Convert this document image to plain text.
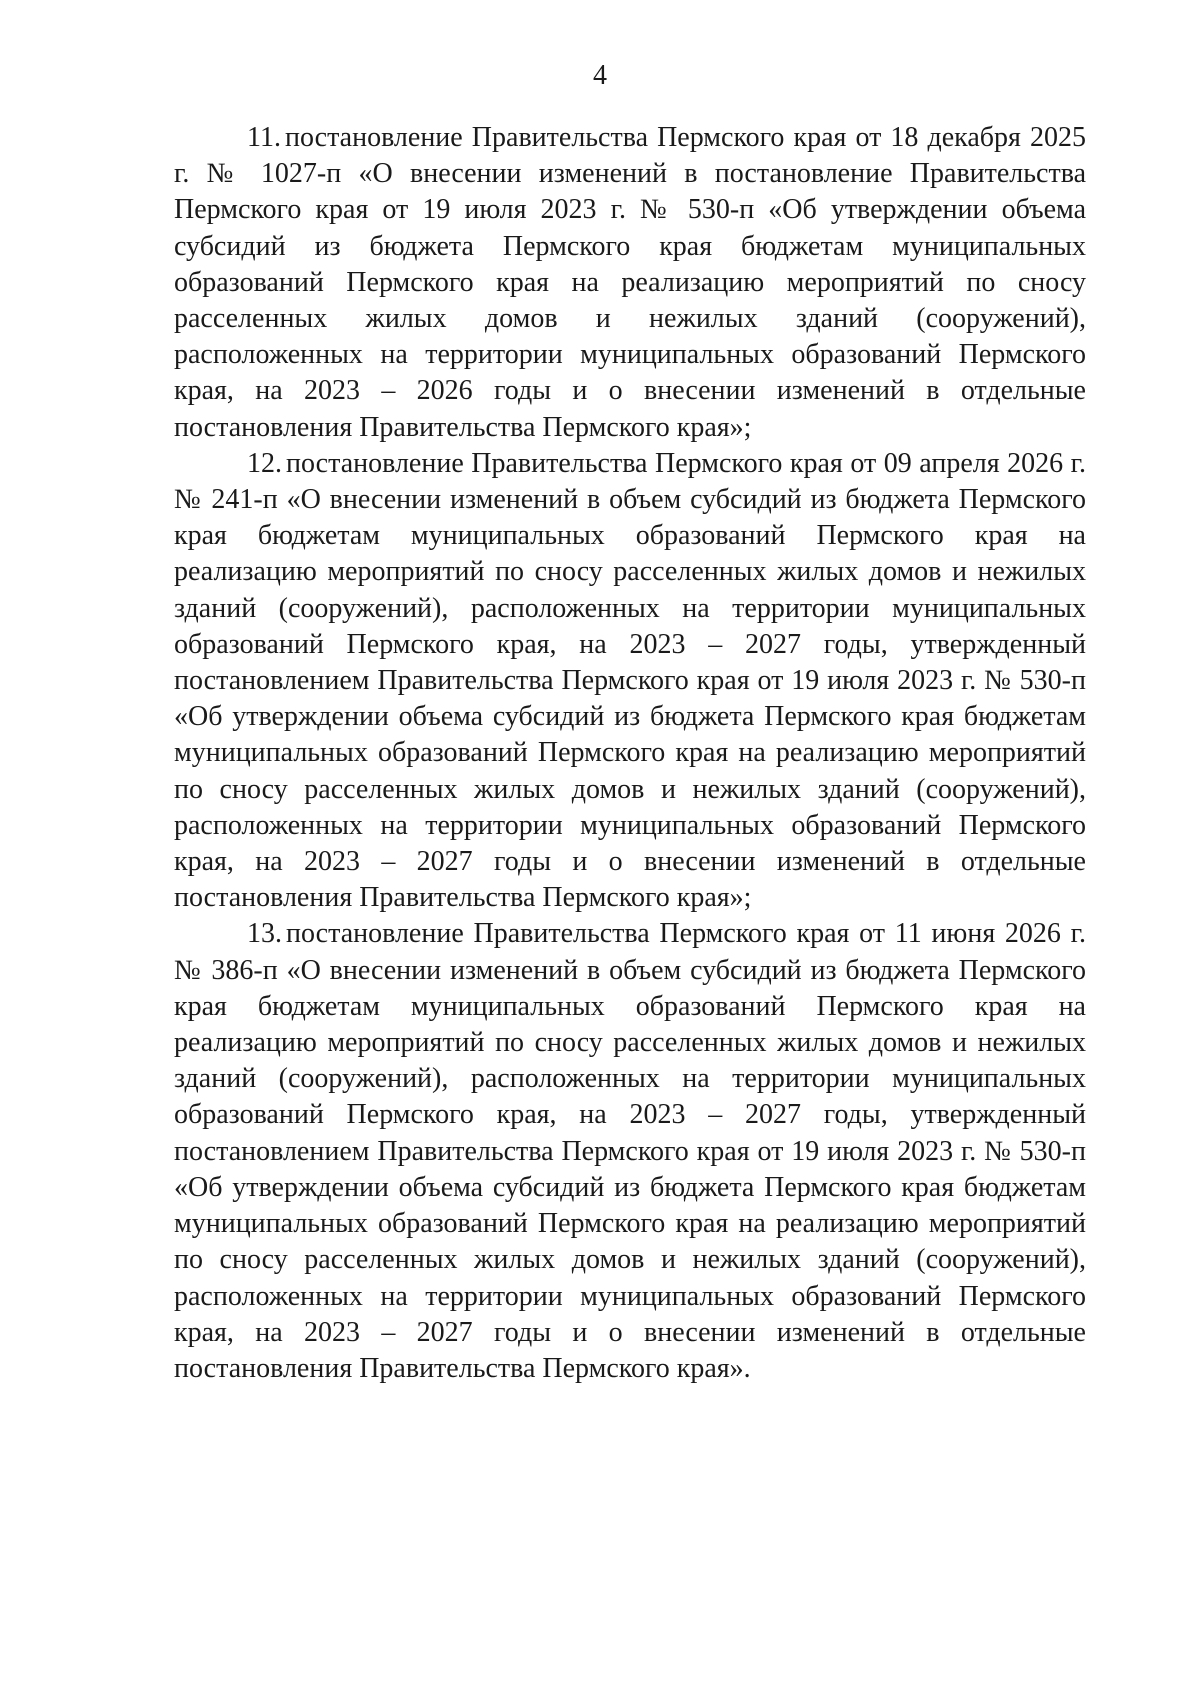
4

11. постановление Правительства Пермского края от 18 декабря 2025 г. № 1027-п «О внесении изменений в постановление Правительства Пермского края от 19 июля 2023 г. № 530-п «Об утверждении объема субсидий из бюджета Пермского края бюджетам муниципальных образований Пермского края на реализацию мероприятий по сносу расселенных жилых домов и нежилых зданий (сооружений), расположенных на территории муниципальных образований Пермского края, на 2023 – 2026 годы и о внесении изменений в отдельные постановления Правительства Пермского края»;

12. постановление Правительства Пермского края от 09 апреля 2026 г. № 241-п «О внесении изменений в объем субсидий из бюджета Пермского края бюджетам муниципальных образований Пермского края на реализацию мероприятий по сносу расселенных жилых домов и нежилых зданий (сооружений), расположенных на территории муниципальных образований Пермского края, на 2023 – 2027 годы, утвержденный постановлением Правительства Пермского края от 19 июля 2023 г. № 530-п «Об утверждении объема субсидий из бюджета Пермского края бюджетам муниципальных образований Пермского края на реализацию мероприятий по сносу расселенных жилых домов и нежилых зданий (сооружений), расположенных на территории муниципальных образований Пермского края, на 2023 – 2027 годы и о внесении изменений в отдельные постановления Правительства Пермского края»;

13. постановление Правительства Пермского края от 11 июня 2026 г. № 386-п «О внесении изменений в объем субсидий из бюджета Пермского края бюджетам муниципальных образований Пермского края на реализацию мероприятий по сносу расселенных жилых домов и нежилых зданий (сооружений), расположенных на территории муниципальных образований Пермского края, на 2023 – 2027 годы, утвержденный постановлением Правительства Пермского края от 19 июля 2023 г. № 530-п «Об утверждении объема субсидий из бюджета Пермского края бюджетам муниципальных образований Пермского края на реализацию мероприятий по сносу расселенных жилых домов и нежилых зданий (сооружений), расположенных на территории муниципальных образований Пермского края, на 2023 – 2027 годы и о внесении изменений в отдельные постановления Правительства Пермского края».
